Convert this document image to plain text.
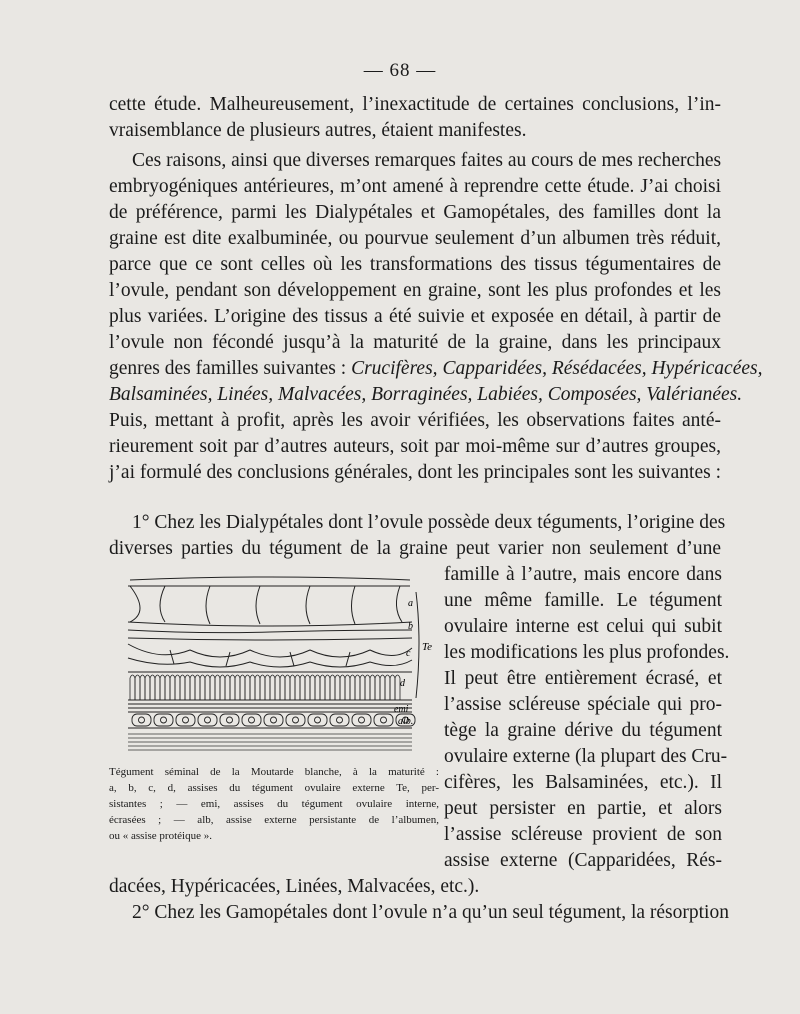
— 68 —
cette étude. Malheureusement, l’inexactitude de certaines conclusions, l’in-
vraisemblance de plusieurs autres, étaient manifestes.
Ces raisons, ainsi que diverses remarques faites au cours de mes recherches
embryogéniques antérieures, m’ont amené à reprendre cette étude. J’ai choisi
de préférence, parmi les Dialypétales et Gamopétales, des familles dont la
graine est dite exalbuminée, ou pourvue seulement d’un albumen très réduit,
parce que ce sont celles où les transformations des tissus tégumentaires de
l’ovule, pendant son développement en graine, sont les plus profondes et les
plus variées. L’origine des tissus a été suivie et exposée en détail, à partir de
l’ovule non fécondé jusqu’à la maturité de la graine, dans les principaux
genres des familles suivantes : Crucifères, Capparidées, Résédacées, Hypéricacées,
Balsaminées, Linées, Malvacées, Borraginées, Labiées, Composées, Valérianées.
Puis, mettant à profit, après les avoir vérifiées, les observations faites anté-
rieurement soit par d’autres auteurs, soit par moi-même sur d’autres groupes,
j’ai formulé des conclusions générales, dont les principales sont les suivantes :
1° Chez les Dialypétales dont l’ovule possède deux téguments, l’origine des
diverses parties du tégument de la graine peut varier non seulement d’une
famille à l’autre, mais encore dans
une même famille. Le tégument
ovulaire interne est celui qui subit
les modifications les plus profondes.
Il peut être entièrement écrasé, et
l’assise scléreuse spéciale qui pro-
tège la graine dérive du tégument
ovulaire externe (la plupart des Cru-
cifères, les Balsaminées, etc.). Il
peut persister en partie, et alors
l’assise scléreuse provient de son
assise externe (Capparidées, Rés-
dacées, Hypéricacées, Linées, Malvacées, etc.).
2° Chez les Gamopétales dont l’ovule n’a qu’un seul tégument, la résorption
a
b
c
d
Te
emi
alb.
Tégument séminal de la Moutarde blanche, à la maturité :
a, b, c, d, assises du tégument ovulaire externe Te, per-
sistantes ; — emi, assises du tégument ovulaire interne,
écrasées ; — alb, assise externe persistante de l’albumen,
ou « assise protéique ».
